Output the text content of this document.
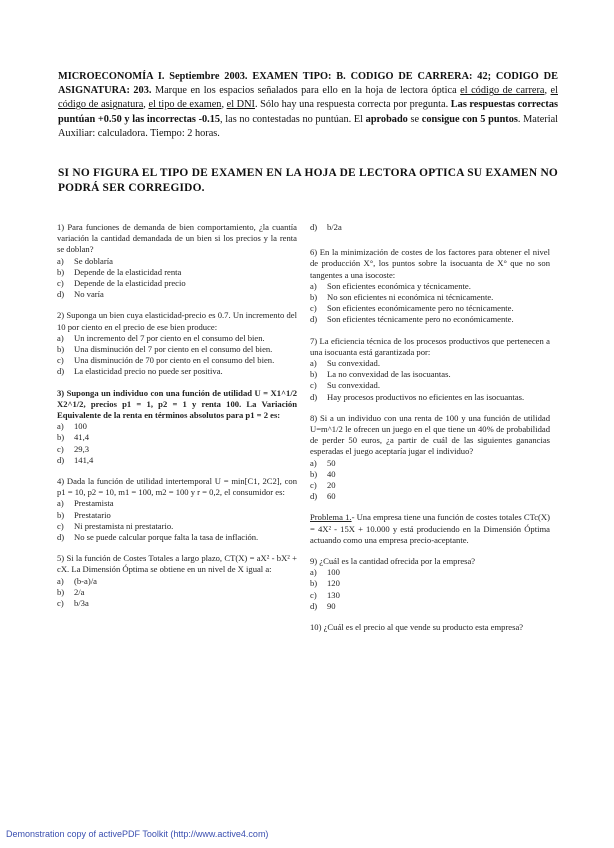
MICROECONOMÍA I. Septiembre 2003. EXAMEN TIPO: B. CODIGO DE CARRERA: 42; CODIGO DE ASIGNATURA: 203. Marque en los espacios señalados para ello en la hoja de lectora óptica el código de carrera, el código de asignatura, el tipo de examen, el DNI. Sólo hay una respuesta correcta por pregunta. Las respuestas correctas puntúan +0.50 y las incorrectas -0.15, las no contestadas no puntúan. El aprobado se consigue con 5 puntos. Material Auxiliar: calculadora. Tiempo: 2 horas.
SI NO FIGURA EL TIPO DE EXAMEN EN LA HOJA DE LECTORA OPTICA SU EXAMEN NO PODRÁ SER CORREGIDO.
1) Para funciones de demanda de bien comportamiento, ¿la cuantía variación la cantidad demandada de un bien si los precios y la renta se doblan?
a)	Se doblaría
b)	Depende de la elasticidad renta
c)	Depende de la elasticidad precio
d)	No varía
2) Suponga un bien cuya elasticidad-precio es 0.7. Un incremento del 10 por ciento en el precio de ese bien produce:
a)	Un incremento del 7 por ciento en el consumo del bien.
b)	Una disminución del 7 por ciento en el consumo del bien.
c)	Una disminución de 70 por ciento en el consumo del bien.
d)	La elasticidad precio no puede ser positiva.
3) Suponga un individuo con una función de utilidad U = X1^1/2 X2^1/2, precios p1 = 1, p2 = 1 y renta 100. La Variación Equivalente de la renta en términos absolutos para p1 = 2 es:
a)	100
b)	41,4
c)	29,3
d)	141,4
4) Dada la función de utilidad intertemporal U = min[C1, 2C2], con p1 = 10, p2 = 10, m1 = 100, m2 = 100 y r = 0,2, el consumidor es:
a)	Prestamista
b)	Prestatario
c)	Ni prestamista ni prestatario.
d)	No se puede calcular porque falta la tasa de inflación.
5) Si la función de Costes Totales a largo plazo, CT(X) = aX² - bX² + cX. La Dimensión Óptima se obtiene en un nivel de X igual a:
a)	(b-a)/a
b)	2/a
c)	b/3a
d)	b/2a
6) En la minimización de costes de los factores para obtener el nivel de producción X°, los puntos sobre la isocuanta de X° que no son tangentes a una isocoste:
a)	Son eficientes económica y técnicamente.
b)	No son eficientes ni económica ni técnicamente.
c)	Son eficientes económicamente pero no técnicamente.
d)	Son eficientes técnicamente pero no económicamente.
7) La eficiencia técnica de los procesos productivos que pertenecen a una isocuanta está garantizada por:
a)	Su convexidad.
b)	La no convexidad de las isocuantas.
c)	Su convexidad.
d)	Hay procesos productivos no eficientes en las isocuantas.
8) Si a un individuo con una renta de 100 y una función de utilidad U=m^1/2 le ofrecen un juego en el que tiene un 40% de probabilidad de perder 50 euros, ¿a partir de cuál de las siguientes ganancias esperadas el juego aceptaría jugar el individuo?
a)	50
b)	40
c)	20
d)	60
Problema 1.- Una empresa tiene una función de costes totales CTc(X) = 4X² - 15X + 10.000 y está produciendo en la Dimensión Óptima actuando como una empresa precio-aceptante.
9) ¿Cuál es la cantidad ofrecida por la empresa?
a)	100
b)	120
c)	130
d)	90
10) ¿Cuál es el precio al que vende su producto esta empresa?
Demonstration copy of activePDF Toolkit (http://www.active4.com)
